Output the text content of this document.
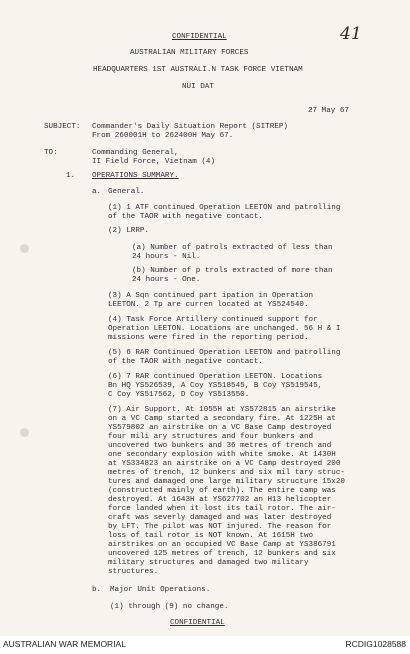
41
CONFIDENTIAL
AUSTRALIAN MILITARY FORCES
HEADQUARTERS 1ST AUSTRALI.N TASK FORCE VIETNAM
NUI DAT
27 May 67
SUBJECT: Commander's Daily Situation Report (SITREP)
From 260001H to 262400H May 67.
TO:	Commanding General,
II Field Force, Vietnam (4)
1. OPERATIONS SUMMARY.
a. General.
(1) 1 ATF continued Operation LEETON and patrolling
of the TAOR with negative contact.
(2) LRRP.
(a) Number of patrols extracted of less than
24 hours - Nil.
(b) Number of p trols extracted of more than
24 hours - One.
(3) A Sqn continued part ipation in Operation
LEETON. 2 Tp are curren located at YS524540.
(4) Task Force Artillery continued support for
Operation LEETON. Locations are unchanged. 56 H & I
missions were fired in the reporting period.
(5) 6 RAR Continued Operation LEETON and patrolling
of the TAOR with negative contact.
(6) 7 RAR continued Operation LEETON. Locations
Bn HQ YS526539, A Coy YS518545, B Coy YS519545,
C Coy YS517562, D Coy YS513550.
(7) Air Support. At 1055H at YS572815 an airstrike
on a VC Camp started a secondary fire. At 1225H at
YS579802 an airstrike on a VC Base Camp destroyed
four mili ary structures and four bunkers and
uncovered two bunkers and 36 metres of trench and
one secondary explosion with white smoke. At 1430H
at YS334823 an airstrike on a VC Camp destroyed 200
metres of trench, 12 bunkers and six mil tary struc-
tures and damaged one large military structure 15x20
(constructed mainly of earth). The entire camp was
destroyed. At 1643H at YS627702 an H13 helicopter
force landed when it lost its tail rotor. The air-
craft was severly damaged and was later destroyed
by LFT. The pilot was NOT injured. The reason for
loss of tail rotor is NOT known. At 1615H two
airstrikes on an occupied VC Base Camp at YS386791
uncovered 125 metres of trench, 12 bunkers and six
military structures and damaged two military
structures.
b. Major Unit Operations.
(1) through (9) no change.
CONFIDENTIAL
AUSTRALIAN WAR MEMORIAL	RCDIG1028588
